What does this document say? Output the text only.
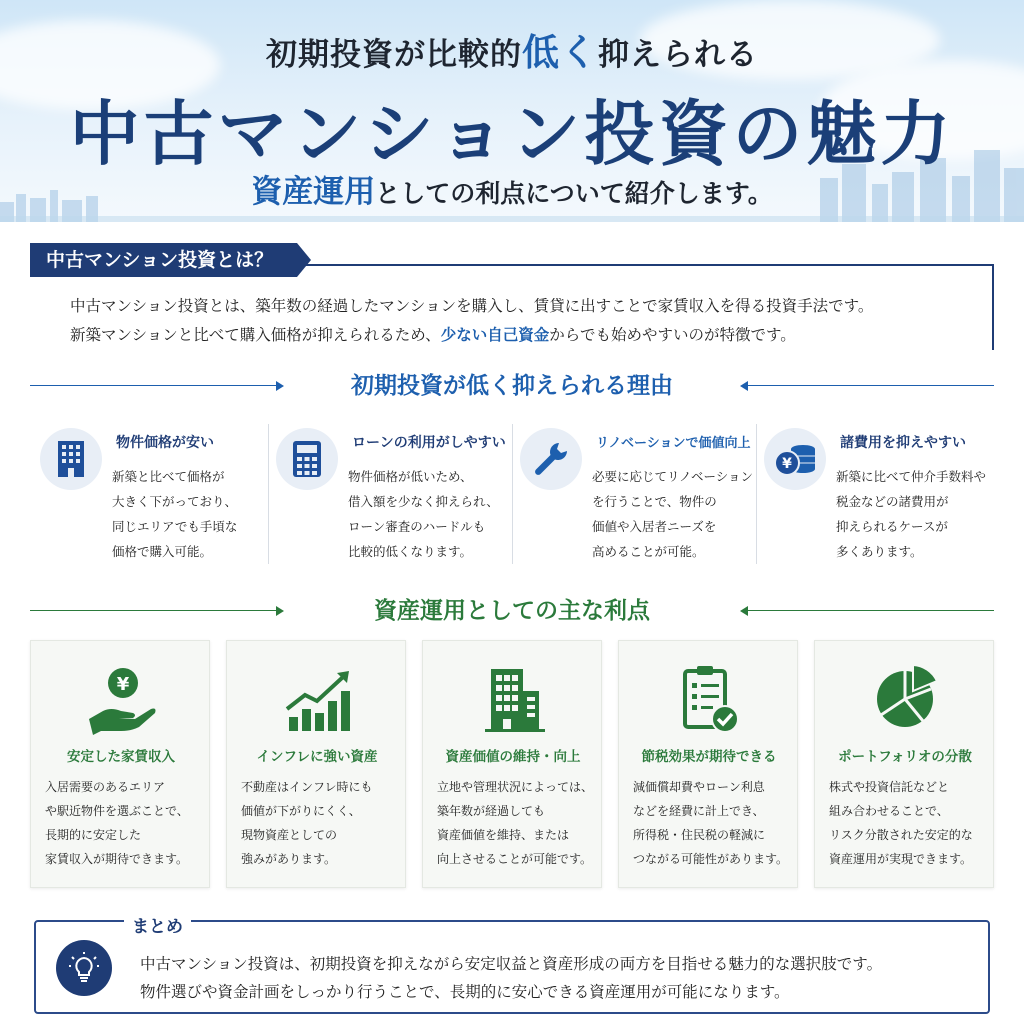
初期投資が比較的低く抑えられる
中古マンション投資の魅力
資産運用としての利点について紹介します。
中古マンション投資とは？
中古マンション投資とは、築年数の経過したマンションを購入し、賃貸に出すことで家賃収入を得る投資手法です。
新築マンションと比べて購入価格が抑えられるため、少ない自己資金からでも始めやすいのが特徴です。
初期投資が低く抑えられる理由
物件価格が安い
新築と比べて価格が
大きく下がっており、
同じエリアでも手頃な
価格で購入可能。
ローンの利用がしやすい
物件価格が低いため、
借入額を少なく抑えられ、
ローン審査のハードルも
比較的低くなります。
リノベーションで価値向上
必要に応じてリノベーション
を行うことで、物件の
価値や入居者ニーズを
高めることが可能。
¥
諸費用を抑えやすい
新築に比べて仲介手数料や
税金などの諸費用が
抑えられるケースが
多くあります。
資産運用としての主な利点
¥
安定した家賃収入
入居需要のあるエリア
や駅近物件を選ぶことで、
長期的に安定した
家賃収入が期待できます。
インフレに強い資産
不動産はインフレ時にも
価値が下がりにくく、
現物資産としての
強みがあります。
資産価値の維持・向上
立地や管理状況によっては、
築年数が経過しても
資産価値を維持、または
向上させることが可能です。
節税効果が期待できる
減価償却費やローン利息
などを経費に計上でき、
所得税・住民税の軽減に
つながる可能性があります。
ポートフォリオの分散
株式や投資信託などと
組み合わせることで、
リスク分散された安定的な
資産運用が実現できます。
中古マンション投資は、初期投資を抑えながら安定収益と資産形成の両方を目指せる魅力的な選択肢です。
物件選びや資金計画をしっかり行うことで、長期的に安心できる資産運用が可能になります。
まとめ
